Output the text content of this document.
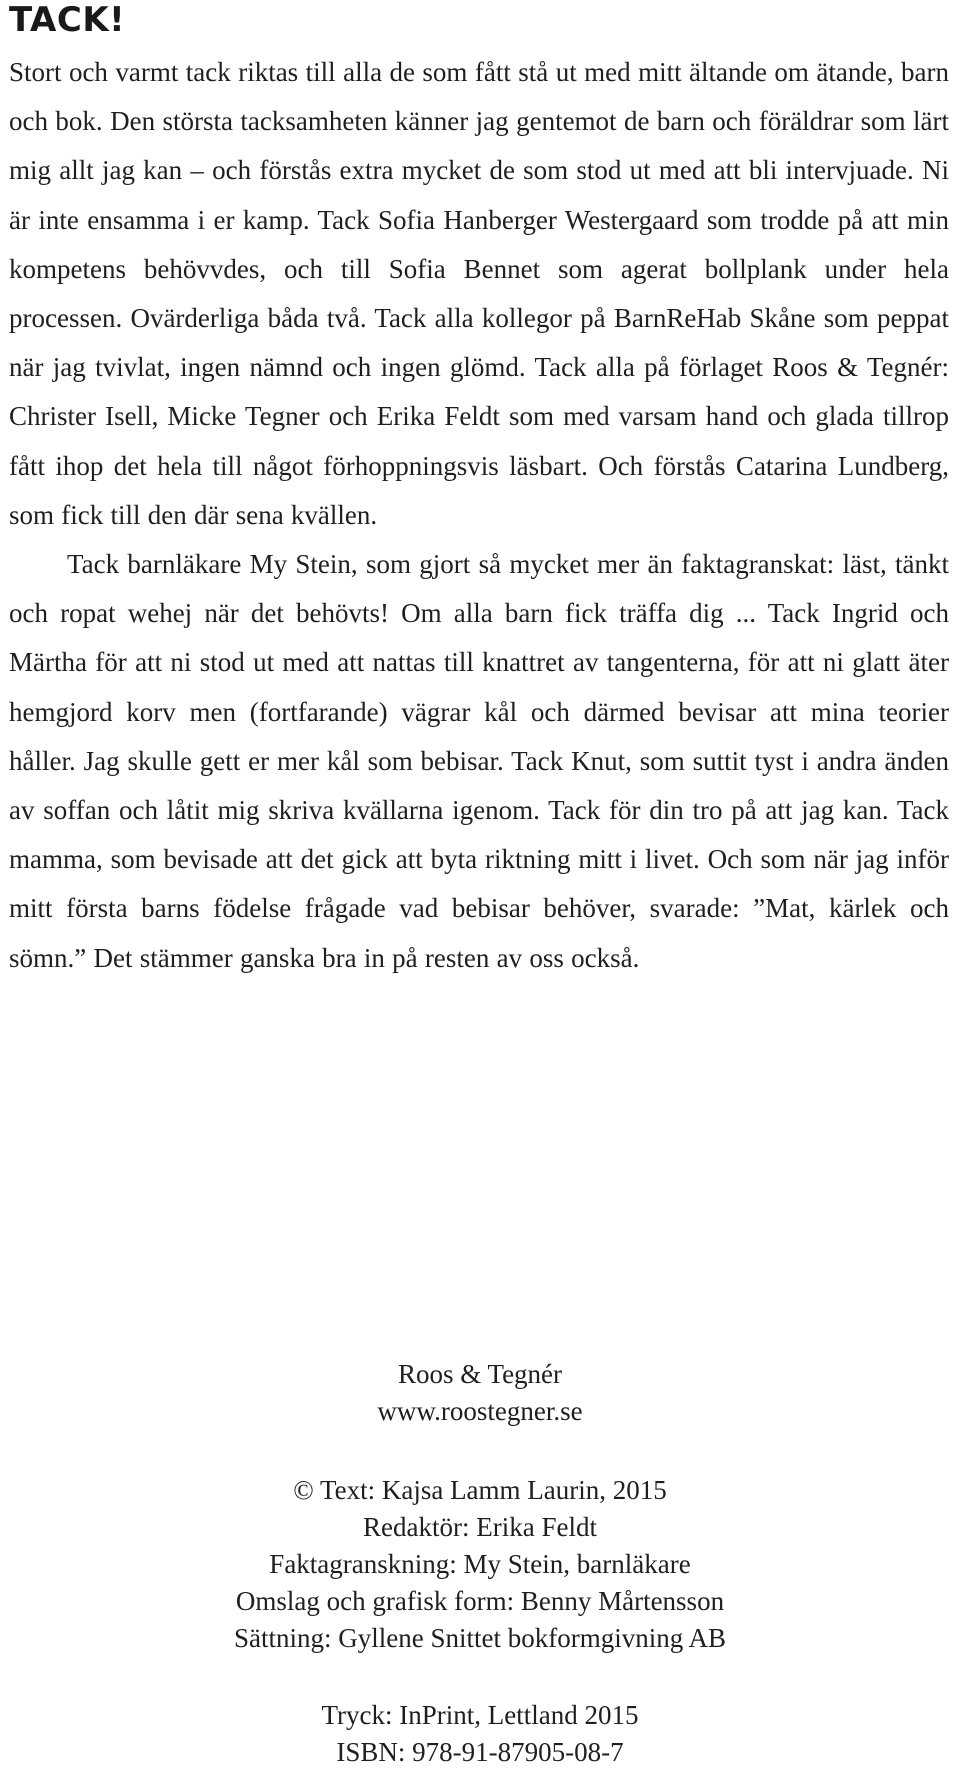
TACK!

Stort och varmt tack riktas till alla de som fått stå ut med mitt ältande om ätande, barn och bok. Den största tacksamheten känner jag gentemot de barn och föräldrar som lärt mig allt jag kan – och förstås extra mycket de som stod ut med att bli intervjuade. Ni är inte ensamma i er kamp. Tack Sofia Hanberger Westergaard som trodde på att min kompetens behövvdes, och till Sofia Bennet som agerat bollplank under hela processen. Ovärderliga båda två. Tack alla kollegor på BarnReHab Skåne som peppat när jag tvivlat, ingen nämnd och ingen glömd. Tack alla på förlaget Roos & Tegnér: Christer Isell, Micke Tegner och Erika Feldt som med varsam hand och glada tillrop fått ihop det hela till något förhoppningsvis läsbart. Och förstås Catarina Lundberg, som fick till den där sena kvällen.

Tack barnläkare My Stein, som gjort så mycket mer än faktagranskat: läst, tänkt och ropat wehej när det behövts! Om alla barn fick träffa dig ... Tack Ingrid och Märtha för att ni stod ut med att nattas till knattret av tangenterna, för att ni glatt äter hemgjord korv men (fortfarande) vägrar kål och därmed bevisar att mina teorier håller. Jag skulle gett er mer kål som bebisar. Tack Knut, som suttit tyst i andra änden av soffan och låtit mig skriva kvällarna igenom. Tack för din tro på att jag kan. Tack mamma, som bevisade att det gick att byta riktning mitt i livet. Och som när jag inför mitt första barns födelse frågade vad bebisar behöver, svarade: ”Mat, kärlek och sömn.” Det stämmer ganska bra in på resten av oss också.

Roos & Tegnér
www.roostegner.se
© Text: Kajsa Lamm Laurin, 2015
Redaktör: Erika Feldt
Faktagranskning: My Stein, barnläkare
Omslag och grafisk form: Benny Mårtensson
Sättning: Gyllene Snittet bokformgivning AB
Tryck: InPrint, Lettland 2015
ISBN: 978-91-87905-08-7
